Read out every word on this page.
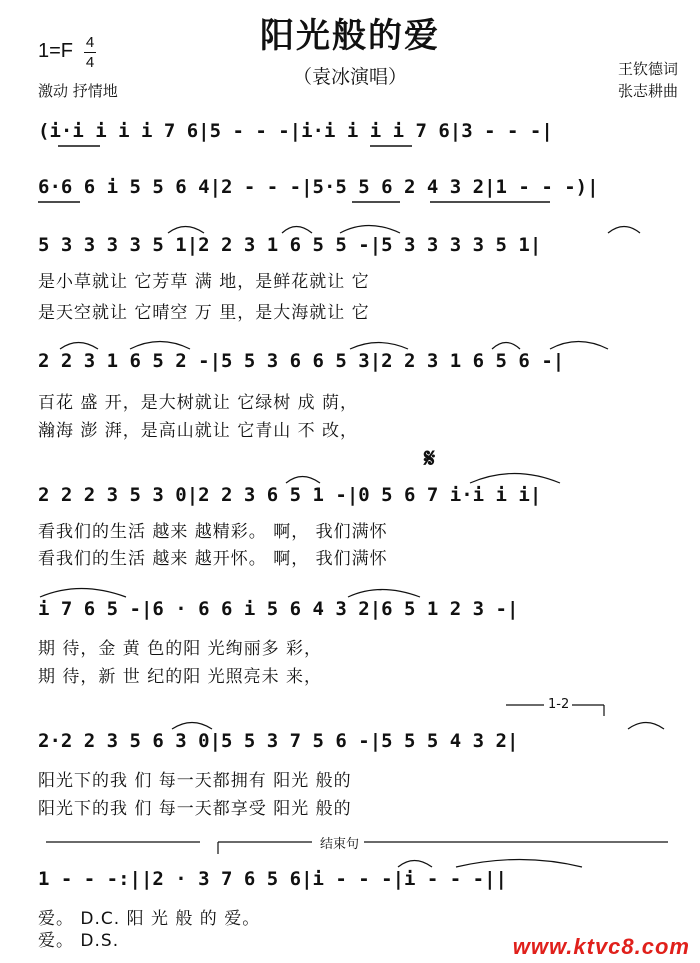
阳光般的爱
（袁冰演唱）
1=F 4
4
激动 抒情地
王钦德词
张志耕曲
(i·i i i i 7 6|5 - - -|i·i i i i 7 6|3 - - -|
6·6 6 i 5 5 6 4|2 - - -|5·5 5 6 2 4 3 2|1 - - -)|
5 3 3 3 3 5 1|2 2 3 1 6 5 5 -|5 3 3 3 3 5 1|
是小草就让 它芳草 满 地，是鲜花就让 它
是天空就让 它晴空 万 里，是大海就让 它
2 2 3 1 6 5 2 -|5 5 3 6 6 5 3|2 2 3 1 6 5 6 -|
百花 盛 开，是大树就让 它绿树 成 荫，
瀚海 澎 湃，是高山就让 它青山 不 改，
𝄋
2 2 2 3 5 3 0|2 2 3 6 5 1 -|0 5 6 7 i·i i i|
看我们的生活 越来 越精彩。 啊， 我们满怀
看我们的生活 越来 越开怀。 啊， 我们满怀
i 7 6 5 -|6 · 6 6 i 5 6 4 3 2|6 5 1 2 3 -|
期 待，金 黄 色的阳 光绚丽多 彩，
期 待，新 世 纪的阳 光照亮未 来，
1-2
2·2 2 3 5 6 3 0|5 5 3 7 5 6 -|5 5 5 4 3 2|
阳光下的我 们 每一天都拥有 阳光 般的
阳光下的我 们 每一天都享受 阳光 般的
结束句
1 - - -:||2 · 3 7 6 5 6|i - - -|i - - -||
爱。 D.C. 阳 光 般 的 爱。
爱。 D.S.	www.ktvc8.com
